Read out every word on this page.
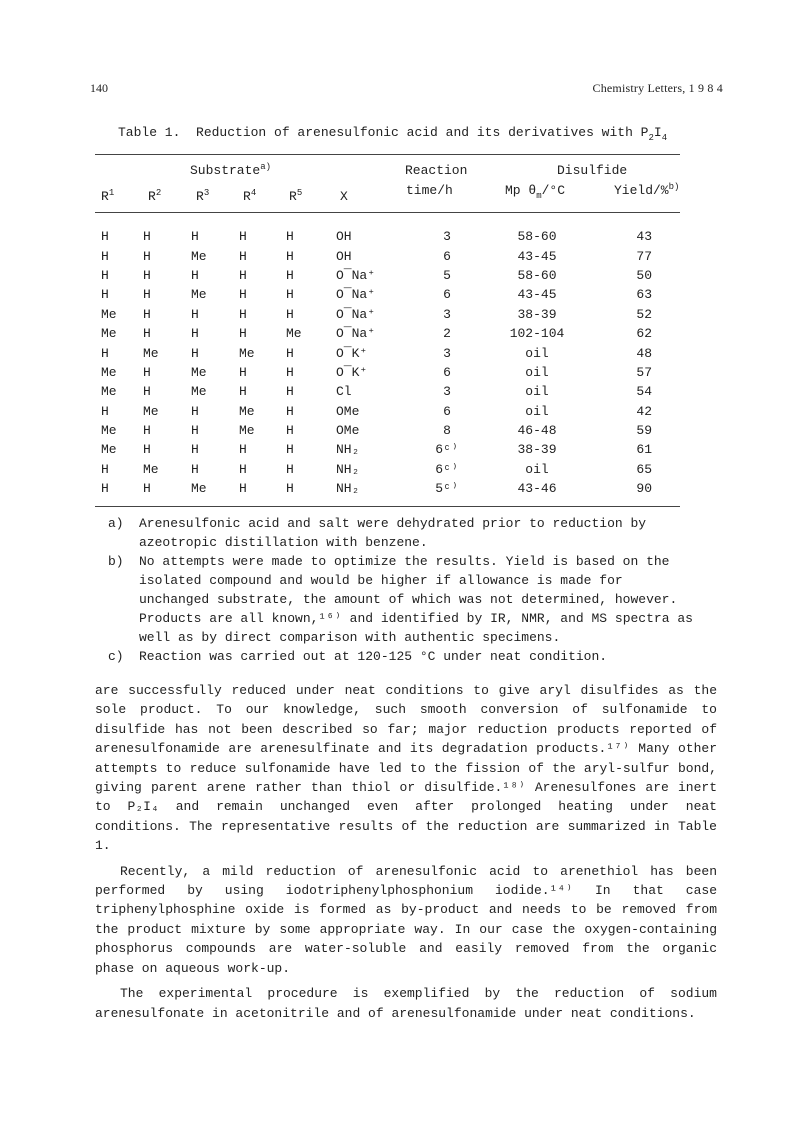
140	Chemistry Letters, 1 9 8 4
Table 1.  Reduction of arenesulfonic acid and its derivatives with $P_2I_4$
Substrate$^{a)}$	Reaction	Disulfide
$R^1$	$R^2$	$R^3$	$R^4$	$R^5$	X	time/h	Mp $\theta_m/^\circ C$	Yield/%$^{b)}$
H	H	H	H	H	OH	3	58-60	43
H	H	Me	H	H	OH	6	43-45	77
H	H	H	H	H	O¯Na⁺	5	58-60	50
H	H	Me	H	H	O¯Na⁺	6	43-45	63
Me	H	H	H	H	O¯Na⁺	3	38-39	52
Me	H	H	H	Me	O¯Na⁺	2	102-104	62
H	Me	H	Me	H	O¯K⁺	3	oil	48
Me	H	Me	H	H	O¯K⁺	6	oil	57
Me	H	Me	H	H	Cl	3	oil	54
H	Me	H	Me	H	OMe	6	oil	42
Me	H	H	Me	H	OMe	8	46-48	59
Me	H	H	H	H	NH₂	6ᶜ⁾	38-39	61
H	Me	H	H	H	NH₂	6ᶜ⁾	oil	65
H	H	Me	H	H	NH₂	5ᶜ⁾	43-46	90
a)	Arenesulfonic acid and salt were dehydrated prior to reduction by azeotropic distillation with benzene.
b)	No attempts were made to optimize the results. Yield is based on the isolated compound and would be higher if allowance is made for unchanged substrate, the amount of which was not determined, however. Products are all known,¹⁶⁾ and identified by IR, NMR, and MS spectra as well as by direct comparison with authentic specimens.
c)	Reaction was carried out at 120-125 °C under neat condition.

are successfully reduced under neat conditions to give aryl disulfides as the sole product. To our knowledge, such smooth conversion of sulfonamide to disulfide has not been described so far; major reduction products reported of arenesulfonamide are arenesulfinate and its degradation products.¹⁷⁾ Many other attempts to reduce sulfonamide have led to the fission of the aryl-sulfur bond, giving parent arene rather than thiol or disulfide.¹⁸⁾ Arenesulfones are inert to P₂I₄ and remain unchanged even after prolonged heating under neat conditions. The representative results of the reduction are summarized in Table 1.

Recently, a mild reduction of arenesulfonic acid to arenethiol has been performed by using iodotriphenylphosphonium iodide.¹⁴⁾ In that case triphenylphosphine oxide is formed as by-product and needs to be removed from the product mixture by some appropriate way. In our case the oxygen-containing phosphorus compounds are water-soluble and easily removed from the organic phase on aqueous work-up.

The experimental procedure is exemplified by the reduction of sodium arenesulfonate in acetonitrile and of arenesulfonamide under neat conditions.
